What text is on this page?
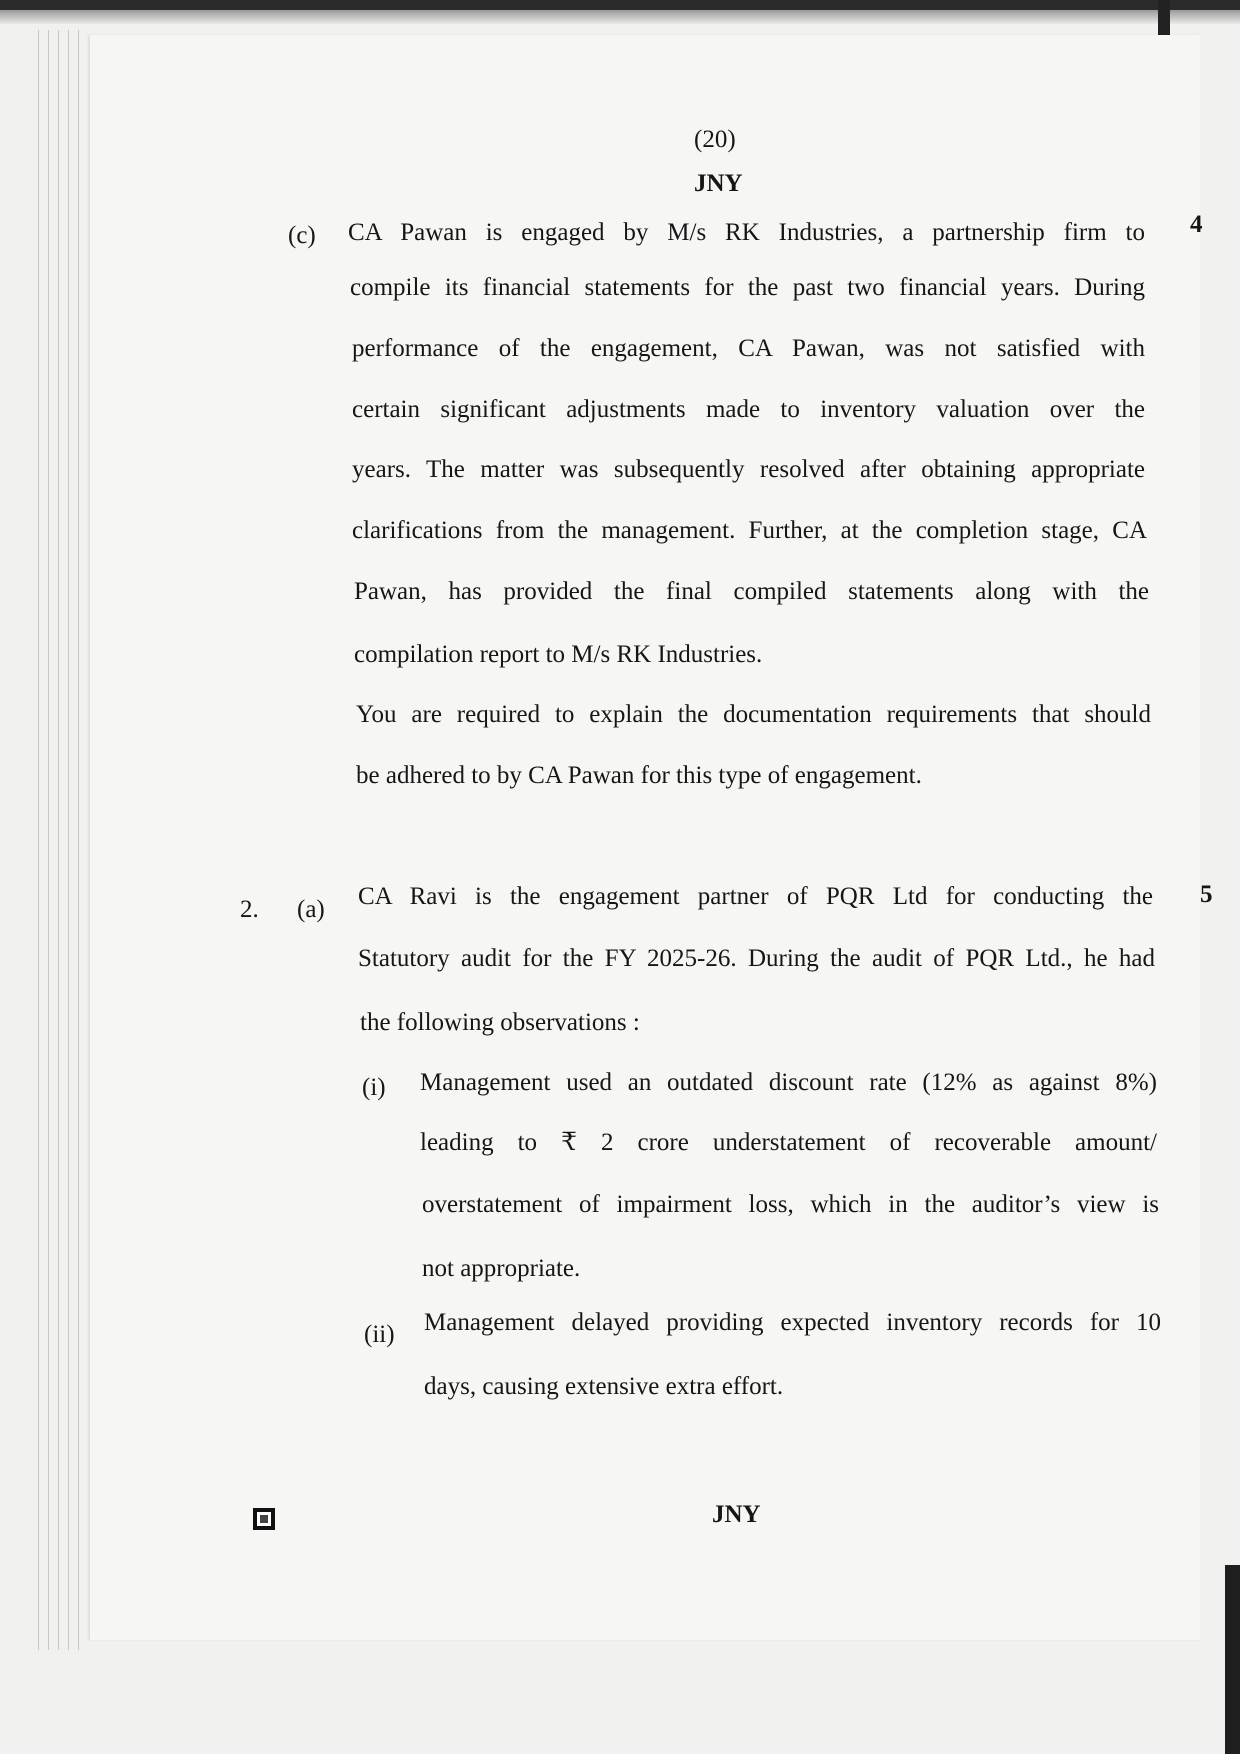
(20)
JNY
(c)	4
CA Pawan is engaged by M/s RK Industries, a partnership firm to
compile its financial statements for the past two financial years. During
performance of the engagement, CA Pawan, was not satisfied with
certain significant adjustments made to inventory valuation over the
years. The matter was subsequently resolved after obtaining appropriate
clarifications from the management. Further, at the completion stage, CA
Pawan, has provided the final compiled statements along with the
compilation report to M/s RK Industries.
You are required to explain the documentation requirements that should
be adhered to by CA Pawan for this type of engagement.
2. (a)
5
CA Ravi is the engagement partner of PQR Ltd for conducting the
Statutory audit for the FY 2025-26. During the audit of PQR Ltd., he had
the following observations :
(i) Management used an outdated discount rate (12% as against 8%)
leading to ₹ 2 crore understatement of recoverable amount/
overstatement of impairment loss, which in the auditor’s view is
not appropriate.
(ii) Management delayed providing expected inventory records for 10
days, causing extensive extra effort.
JNY
